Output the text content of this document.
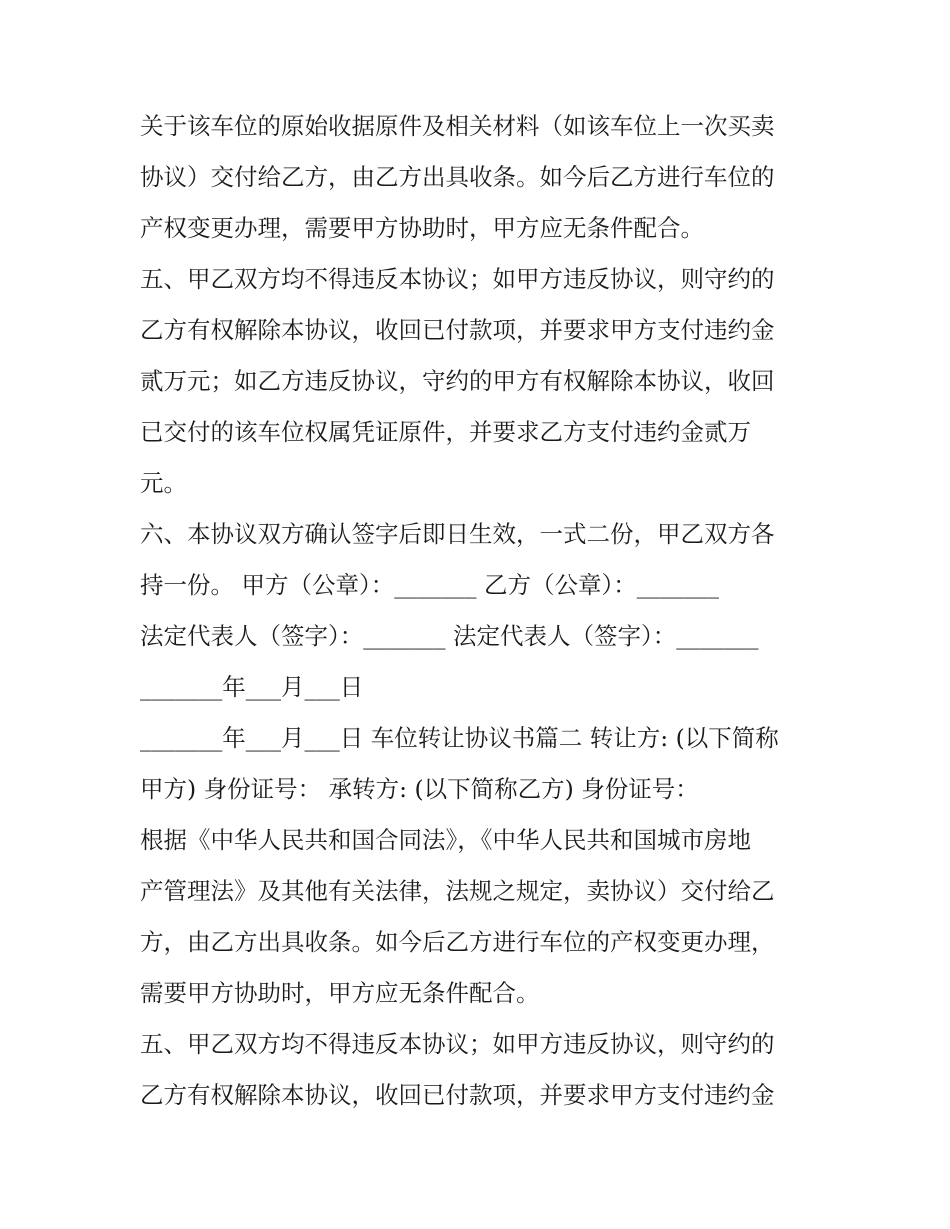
关于该车位的原始收据原件及相关材料（如该车位上一次买卖
协议）交付给乙方，由乙方出具收条。如今后乙方进行车位的
产权变更办理，需要甲方协助时，甲方应无条件配合。
五、甲乙双方均不得违反本协议；如甲方违反协议，则守约的
乙方有权解除本协议，收回已付款项，并要求甲方支付违约金
贰万元；如乙方违反协议，守约的甲方有权解除本协议，收回
已交付的该车位权属凭证原件，并要求乙方支付违约金贰万
元。
六、本协议双方确认签字后即日生效，一式二份，甲乙双方各
持一份。 甲方（公章）：_______ 乙方（公章）：_______
法定代表人（签字）：_______ 法定代表人（签字）：_______
_______年___月___日
_______年___月___日 车位转让协议书篇二 转让方: (以下简称
甲方) 身份证号： 承转方: (以下简称乙方) 身份证号：
根据《中华人民共和国合同法》，《中华人民共和国城市房地
产管理法》及其他有关法律，法规之规定，卖协议）交付给乙
方，由乙方出具收条。如今后乙方进行车位的产权变更办理，
需要甲方协助时，甲方应无条件配合。
五、甲乙双方均不得违反本协议；如甲方违反协议，则守约的
乙方有权解除本协议，收回已付款项，并要求甲方支付违约金
